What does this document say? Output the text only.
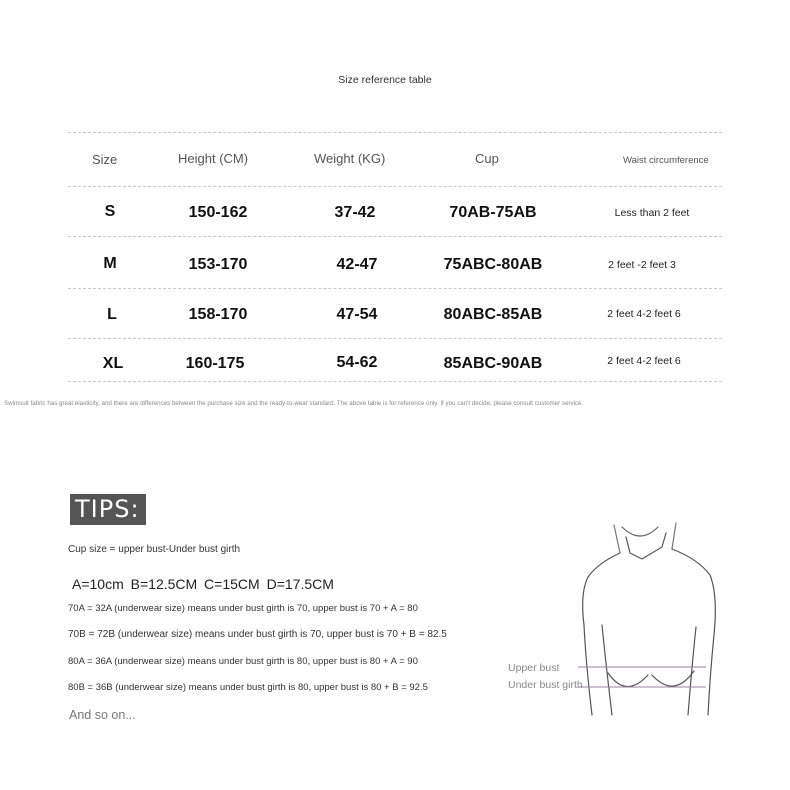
Size reference table
Size	Height (CM)	Weight (KG)	Cup	Waist circumference
S	150-162	37-42	70AB-75AB	Less than 2 feet
M	153-170	42-47	75ABC-80AB	2 feet -2 feet 3
L	158-170	47-54	80ABC-85AB	2 feet 4-2 feet 6
XL	160-175	54-62	85ABC-90AB	2 feet 4-2 feet 6
Swimsuit fabric has great elasticity, and there are differences between the purchase size and the ready-to-wear standard. The above table is for reference only. If you can't decide, please consult customer service.
TIPS:
Cup size = upper bust-Under bust girth
A=10cm B=12.5CM C=15CM D=17.5CM
70A = 32A (underwear size) means under bust girth is 70, upper bust is 70 + A = 80
70B = 72B (underwear size) means under bust girth is 70, upper bust is 70 + B = 82.5
80A = 36A (underwear size) means under bust girth is 80, upper bust is 80 + A = 90
80B = 36B (underwear size) means under bust girth is 80, upper bust is 80 + B = 92.5
And so on...
Upper bust
Under bust girth
